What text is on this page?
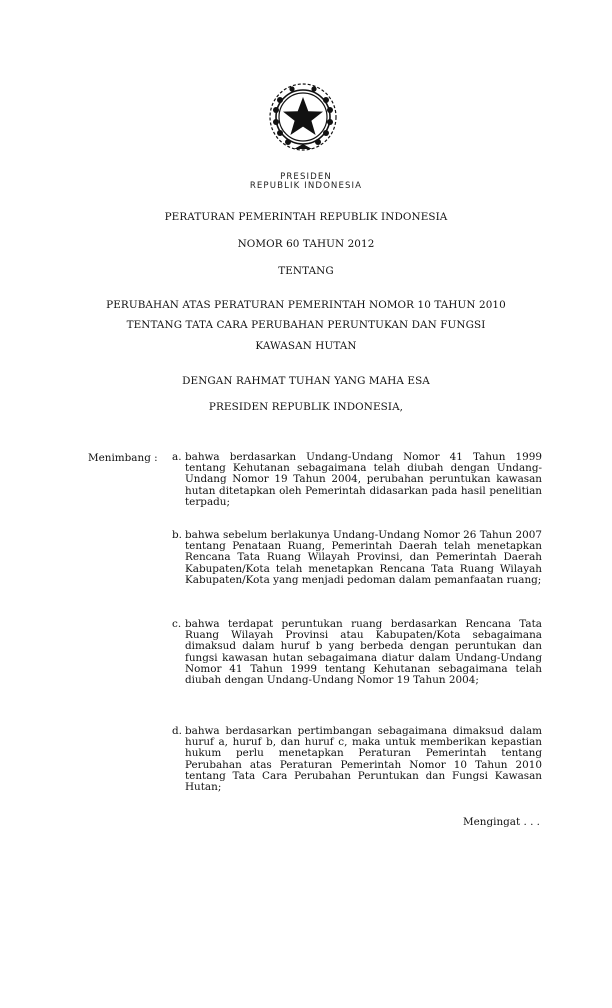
PRESIDEN
REPUBLIK INDONESIA
PERATURAN PEMERINTAH REPUBLIK INDONESIA
NOMOR 60 TAHUN 2012
TENTANG
PERUBAHAN ATAS PERATURAN PEMERINTAH NOMOR 10 TAHUN 2010
TENTANG TATA CARA PERUBAHAN PERUNTUKAN DAN FUNGSI
KAWASAN HUTAN
DENGAN RAHMAT TUHAN YANG MAHA ESA
PRESIDEN REPUBLIK INDONESIA,
Menimbang : a. bahwa berdasarkan Undang-Undang Nomor 41 Tahun 1999 tentang Kehutanan sebagaimana telah diubah dengan Undang-Undang Nomor 19 Tahun 2004, perubahan peruntukan kawasan hutan ditetapkan oleh Pemerintah didasarkan pada hasil penelitian terpadu;
b. bahwa sebelum berlakunya Undang-Undang Nomor 26 Tahun 2007 tentang Penataan Ruang, Pemerintah Daerah telah menetapkan Rencana Tata Ruang Wilayah Provinsi, dan Pemerintah Daerah Kabupaten/Kota telah menetapkan Rencana Tata Ruang Wilayah Kabupaten/Kota yang menjadi pedoman dalam pemanfaatan ruang;
c. bahwa terdapat peruntukan ruang berdasarkan Rencana Tata Ruang Wilayah Provinsi atau Kabupaten/Kota sebagaimana dimaksud dalam huruf b yang berbeda dengan peruntukan dan fungsi kawasan hutan sebagaimana diatur dalam Undang-Undang Nomor 41 Tahun 1999 tentang Kehutanan sebagaimana telah diubah dengan Undang-Undang Nomor 19 Tahun 2004;
d. bahwa berdasarkan pertimbangan sebagaimana dimaksud dalam huruf a, huruf b, dan huruf c, maka untuk memberikan kepastian hukum perlu menetapkan Peraturan Pemerintah tentang Perubahan atas Peraturan Pemerintah Nomor 10 Tahun 2010 tentang Tata Cara Perubahan Peruntukan dan Fungsi Kawasan Hutan;
Mengingat . . .
